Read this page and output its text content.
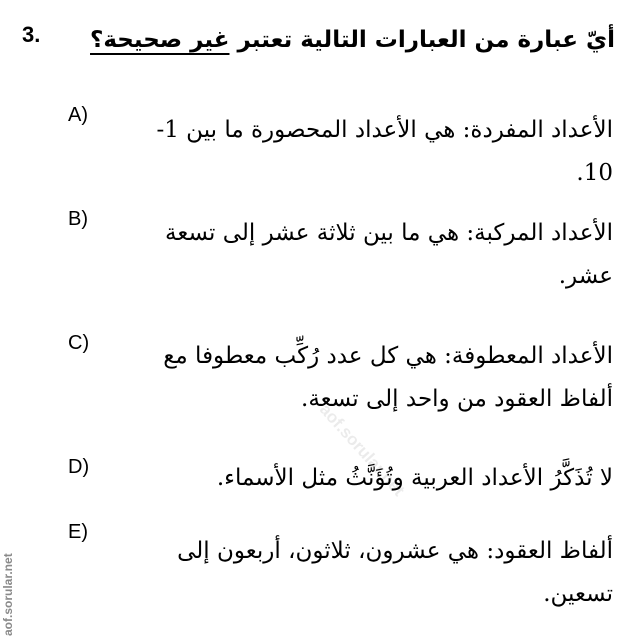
3.	أيّ عبارة من العبارات التالية تعتبر غير صحيحة؟
A)
الأعداد المفردة: هي الأعداد المحصورة ما بين 1-10.
B)
الأعداد المركبة: هي ما بين ثلاثة عشر إلى تسعة عشر.
C)	الأعداد المعطوفة: هي كل عدد رُكِّب معطوفا مع ألفاظ العقود من واحد إلى تسعة.
D)	لا تُذَكَّرُ الأعداد العربية وتُؤَنَّثُ مثل الأسماء.
E)
ألفاظ العقود: هي عشرون، ثلاثون، أربعون إلى تسعين.
aof.sorular.net
aof.sorular.net
